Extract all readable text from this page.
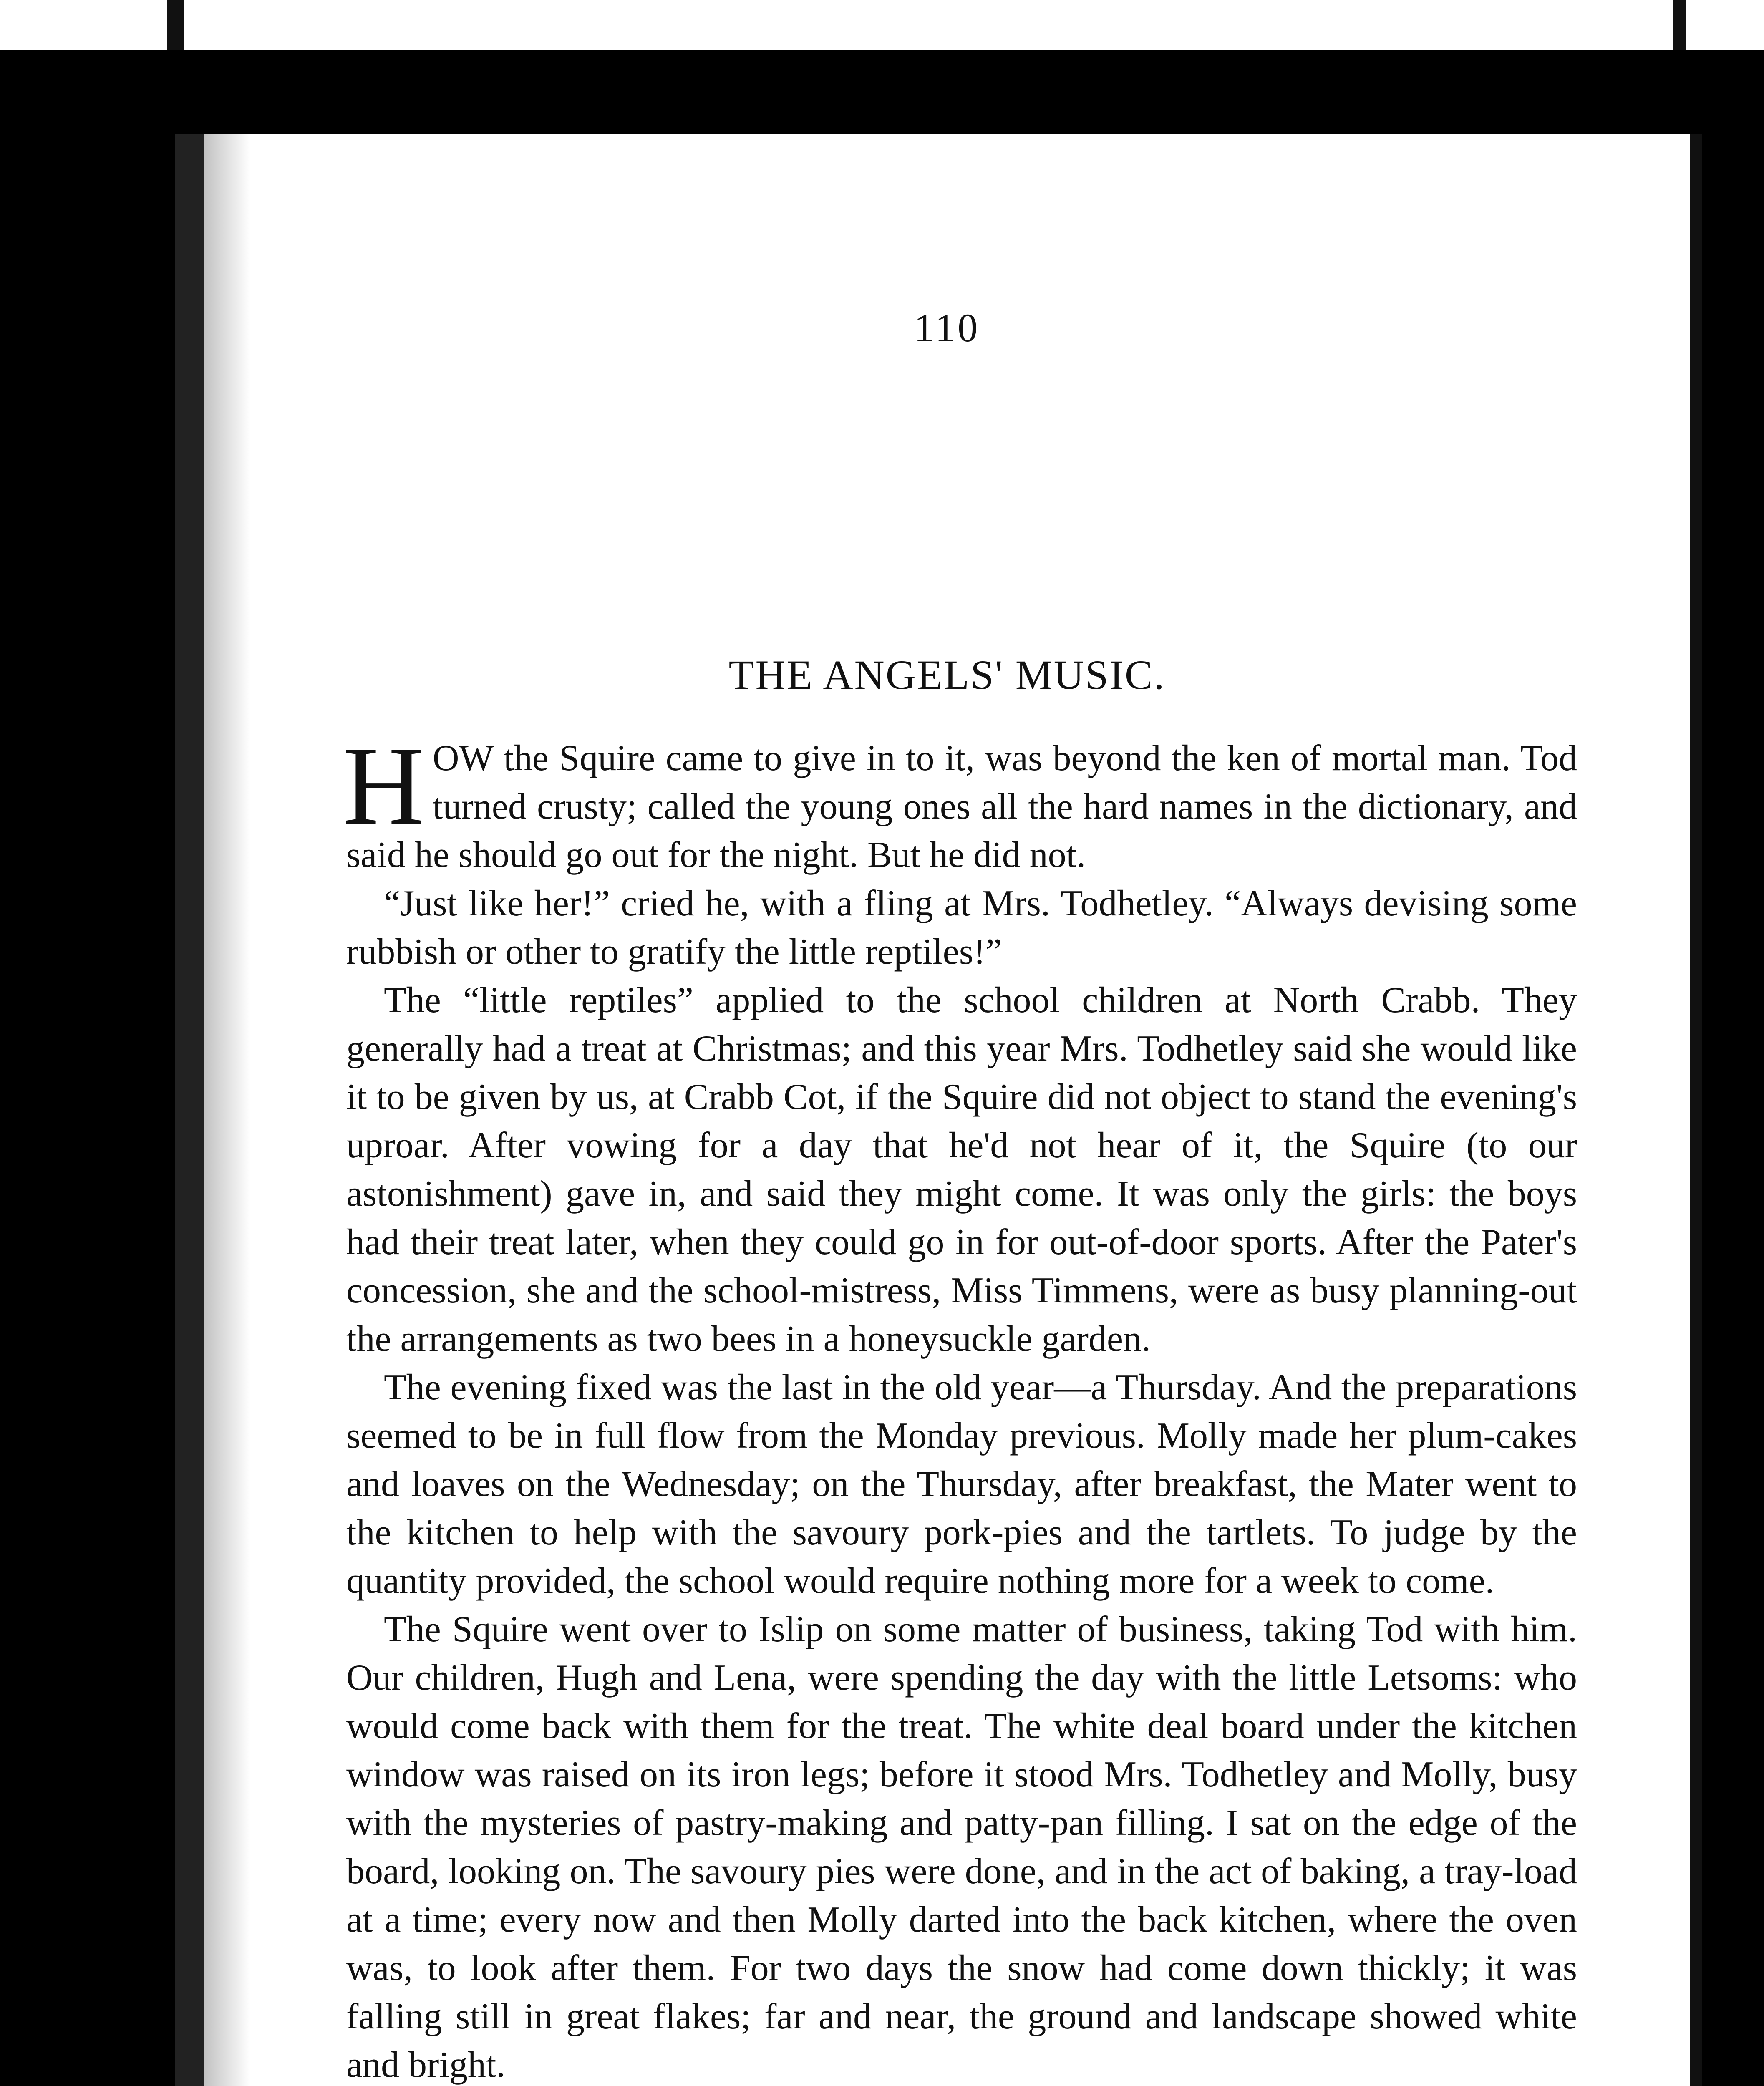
110
THE ANGELS' MUSIC.

HOW the Squire came to give in to it, was beyond the ken of mortal man. Tod turned crusty; called the young ones all the hard names in the dictionary, and said he should go out for the night. But he did not.

“Just like her!” cried he, with a fling at Mrs. Todhetley. “Always devising some rubbish or other to gratify the little reptiles!”

The “little reptiles” applied to the school children at North Crabb. They generally had a treat at Christmas; and this year Mrs. Todhetley said she would like it to be given by us, at Crabb Cot, if the Squire did not object to stand the evening's uproar. After vowing for a day that he'd not hear of it, the Squire (to our astonishment) gave in, and said they might come. It was only the girls: the boys had their treat later, when they could go in for out-of-door sports. After the Pater's concession, she and the school-mistress, Miss Timmens, were as busy planning-out the arrangements as two bees in a honeysuckle garden.

The evening fixed was the last in the old year—a Thursday. And the preparations seemed to be in full flow from the Monday previous. Molly made her plum-cakes and loaves on the Wednesday; on the Thursday, after breakfast, the Mater went to the kitchen to help with the savoury pork-pies and the tartlets. To judge by the quantity provided, the school would require nothing more for a week to come.

The Squire went over to Islip on some matter of business, taking Tod with him. Our children, Hugh and Lena, were spending the day with the little Letsoms: who would come back with them for the treat. The white deal board under the kitchen window was raised on its iron legs; before it stood Mrs. Todhetley and Molly, busy with the mysteries of pastry-making and patty-pan filling. I sat on the edge of the board, looking on. The savoury pies were done, and in the act of baking, a tray-load at a time; every now and then Molly darted into the back kitchen, where the oven was, to look after them. For two days the snow had come down thickly; it was falling still in great flakes; far and near, the ground and landscape showed white and bright.
